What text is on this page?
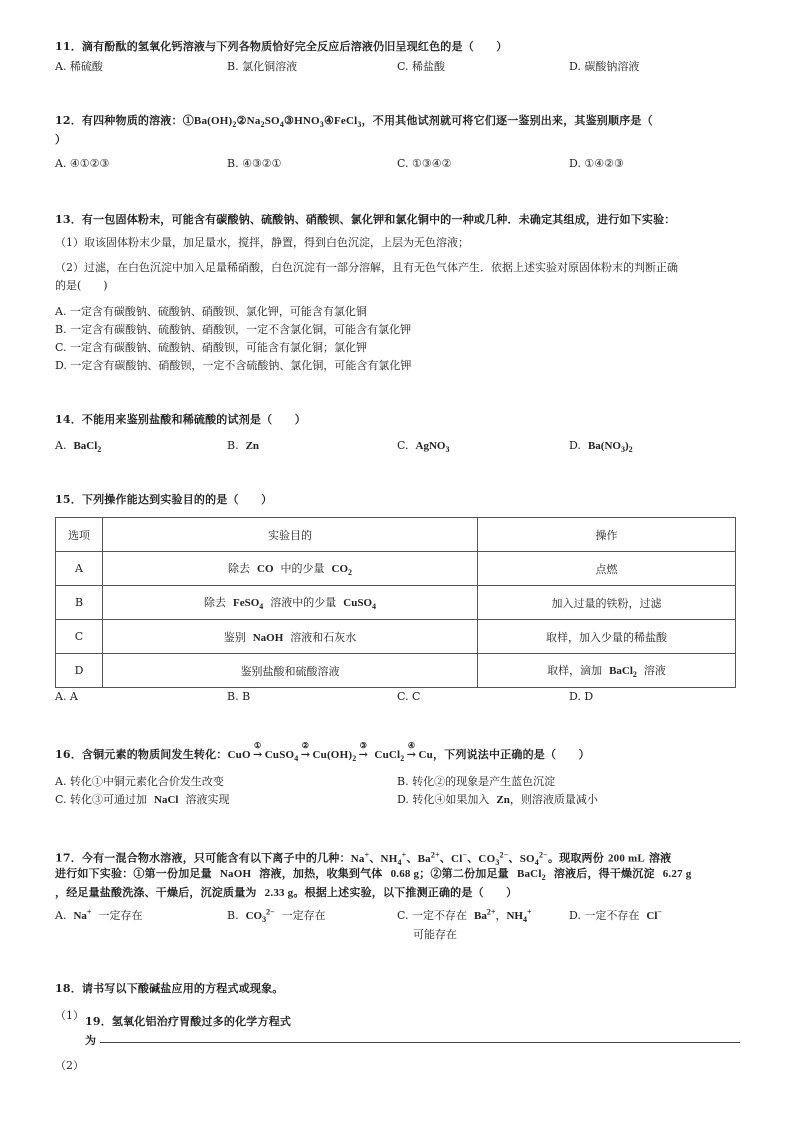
11．滴有酚酞的氢氧化钙溶液与下列各物质恰好完全反应后溶液仍旧呈现红色的是（　　）
A. 稀硫酸	B. 氯化铜溶液	C. 稀盐酸	D. 碳酸钠溶液
12．有四种物质的溶液：$①Ba(OH)_2②Na_2SO_4③HNO_3④FeCl_3$，不用其他试剂就可将它们逐一鉴别出来，其鉴别顺序是（
）
A. ④①②③	B. ④③②①	C. ①③④②	D. ①④②③
13．有一包固体粉末，可能含有碳酸钠、硫酸钠、硝酸钡、氯化钾和氯化铜中的一种或几种．未确定其组成，进行如下实验：
（1）取该固体粉末少量，加足量水，搅拌，静置，得到白色沉淀，上层为无色溶液；
（2）过滤，在白色沉淀中加入足量稀硝酸，白色沉淀有一部分溶解，且有无色气体产生．依据上述实验对原固体粉末的判断正确
的是(　　)
A. 一定含有碳酸钠、硫酸钠、硝酸钡、氯化钾，可能含有氯化铜
B. 一定含有碳酸钠、硫酸钠、硝酸钡，一定不含氯化铜，可能含有氯化钾
C. 一定含有碳酸钠、硫酸钠、硝酸钡，可能含有氯化铜；氯化钾
D. 一定含有碳酸钠、硝酸钡，一定不含硫酸钠、氯化铜，可能含有氯化钾
14．不能用来鉴别盐酸和稀硫酸的试剂是（　　）
A. BaCl$_2$	B. Zn	C. AgNO$_3$	D. $Ba(NO_3)_2$
15．下列操作能达到实验目的的是（　　）
选项	实验目的	操作
A	除去 CO 中的少量 $CO_2$	点燃
B	除去 FeSO$_4$ 溶液中的少量 CuSO$_4$	加入过量的铁粉，过滤
C	鉴别 NaOH 溶液和石灰水	取样，加入少量的稀盐酸
D	鉴别盐酸和硫酸溶液	取样，滴加 BaCl$_2$ 溶液
A. A	B. B	C. C	D. D
16．含铜元素的物质间发生转化：CuO
①
→ CuSO$_4$
②
→ $Cu(OH)_2$
③
→ CuCl$_2$
④
→ Cu，下列说法中正确的是（　　）
A. 转化①中铜元素化合价发生改变	B. 转化②的现象是产生蓝色沉淀
C. 转化③可通过加 NaCl 溶液实现	D. 转化④如果加入 Zn，则溶液质量减小
17．今有一混合物水溶液，只可能含有以下离子中的几种：Na+、$NH_4^+$、$Ba^{2+}$、Cl−、$CO_3^{2-}$、$SO_4^{2-}$。现取两份 200 mL 溶液
进行如下实验：①第一份加足量 NaOH 溶液，加热，收集到气体 0.68 g；②第二份加足量 BaCl$_2$ 溶液后，得干燥沉淀 6.27 g
，经足量盐酸洗涤、干燥后，沉淀质量为 2.33 g。根据上述实验，以下推测正确的是（　　）
A.  Na+ 一定存在	B.  $CO_3^{2-}$ 一定存在	C. 一定不存在 $Ba^{2+}$，$NH_4^+$
可能存在
D. 一定不存在 Cl−
18．请书写以下酸碱盐应用的方程式或现象。
（1） 19．氢氧化铝治疗胃酸过多的化学方程式
为
（2）
